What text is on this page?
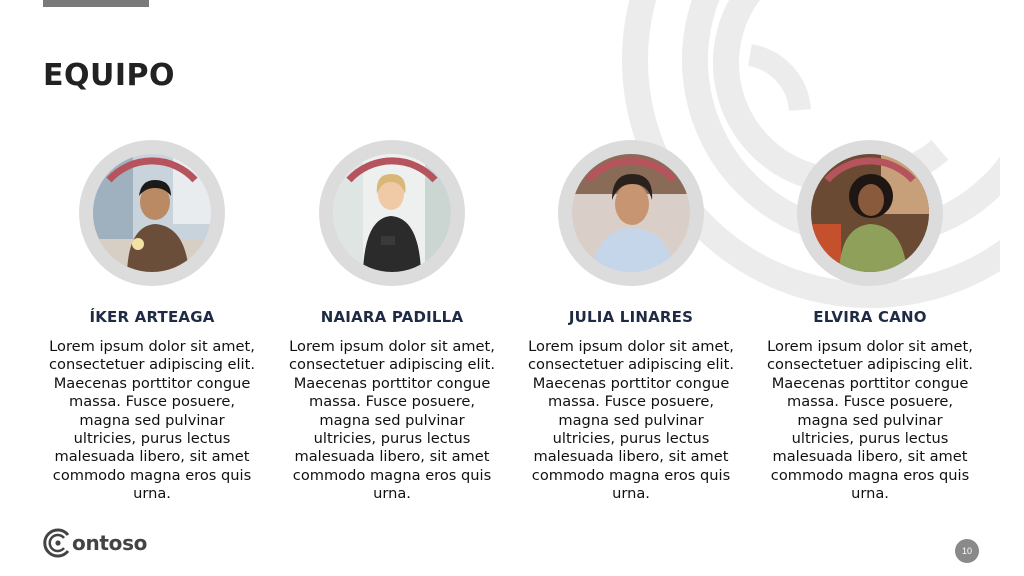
EQUIPO
ÍKER ARTEAGA
Lorem ipsum dolor sit amet, consectetuer adipiscing elit. Maecenas porttitor congue massa. Fusce posuere, magna sed pulvinar ultricies, purus lectus malesuada libero, sit amet commodo magna eros quis urna.
NAIARA PADILLA
Lorem ipsum dolor sit amet, consectetuer adipiscing elit. Maecenas porttitor congue massa. Fusce posuere, magna sed pulvinar ultricies, purus lectus malesuada libero, sit amet commodo magna eros quis urna.
JULIA LINARES
Lorem ipsum dolor sit amet, consectetuer adipiscing elit. Maecenas porttitor congue massa. Fusce posuere, magna sed pulvinar ultricies, purus lectus malesuada libero, sit amet commodo magna eros quis urna.
ELVIRA CANO
Lorem ipsum dolor sit amet, consectetuer adipiscing elit. Maecenas porttitor congue massa. Fusce posuere, magna sed pulvinar ultricies, purus lectus malesuada libero, sit amet commodo magna eros quis urna.
ontoso	10
